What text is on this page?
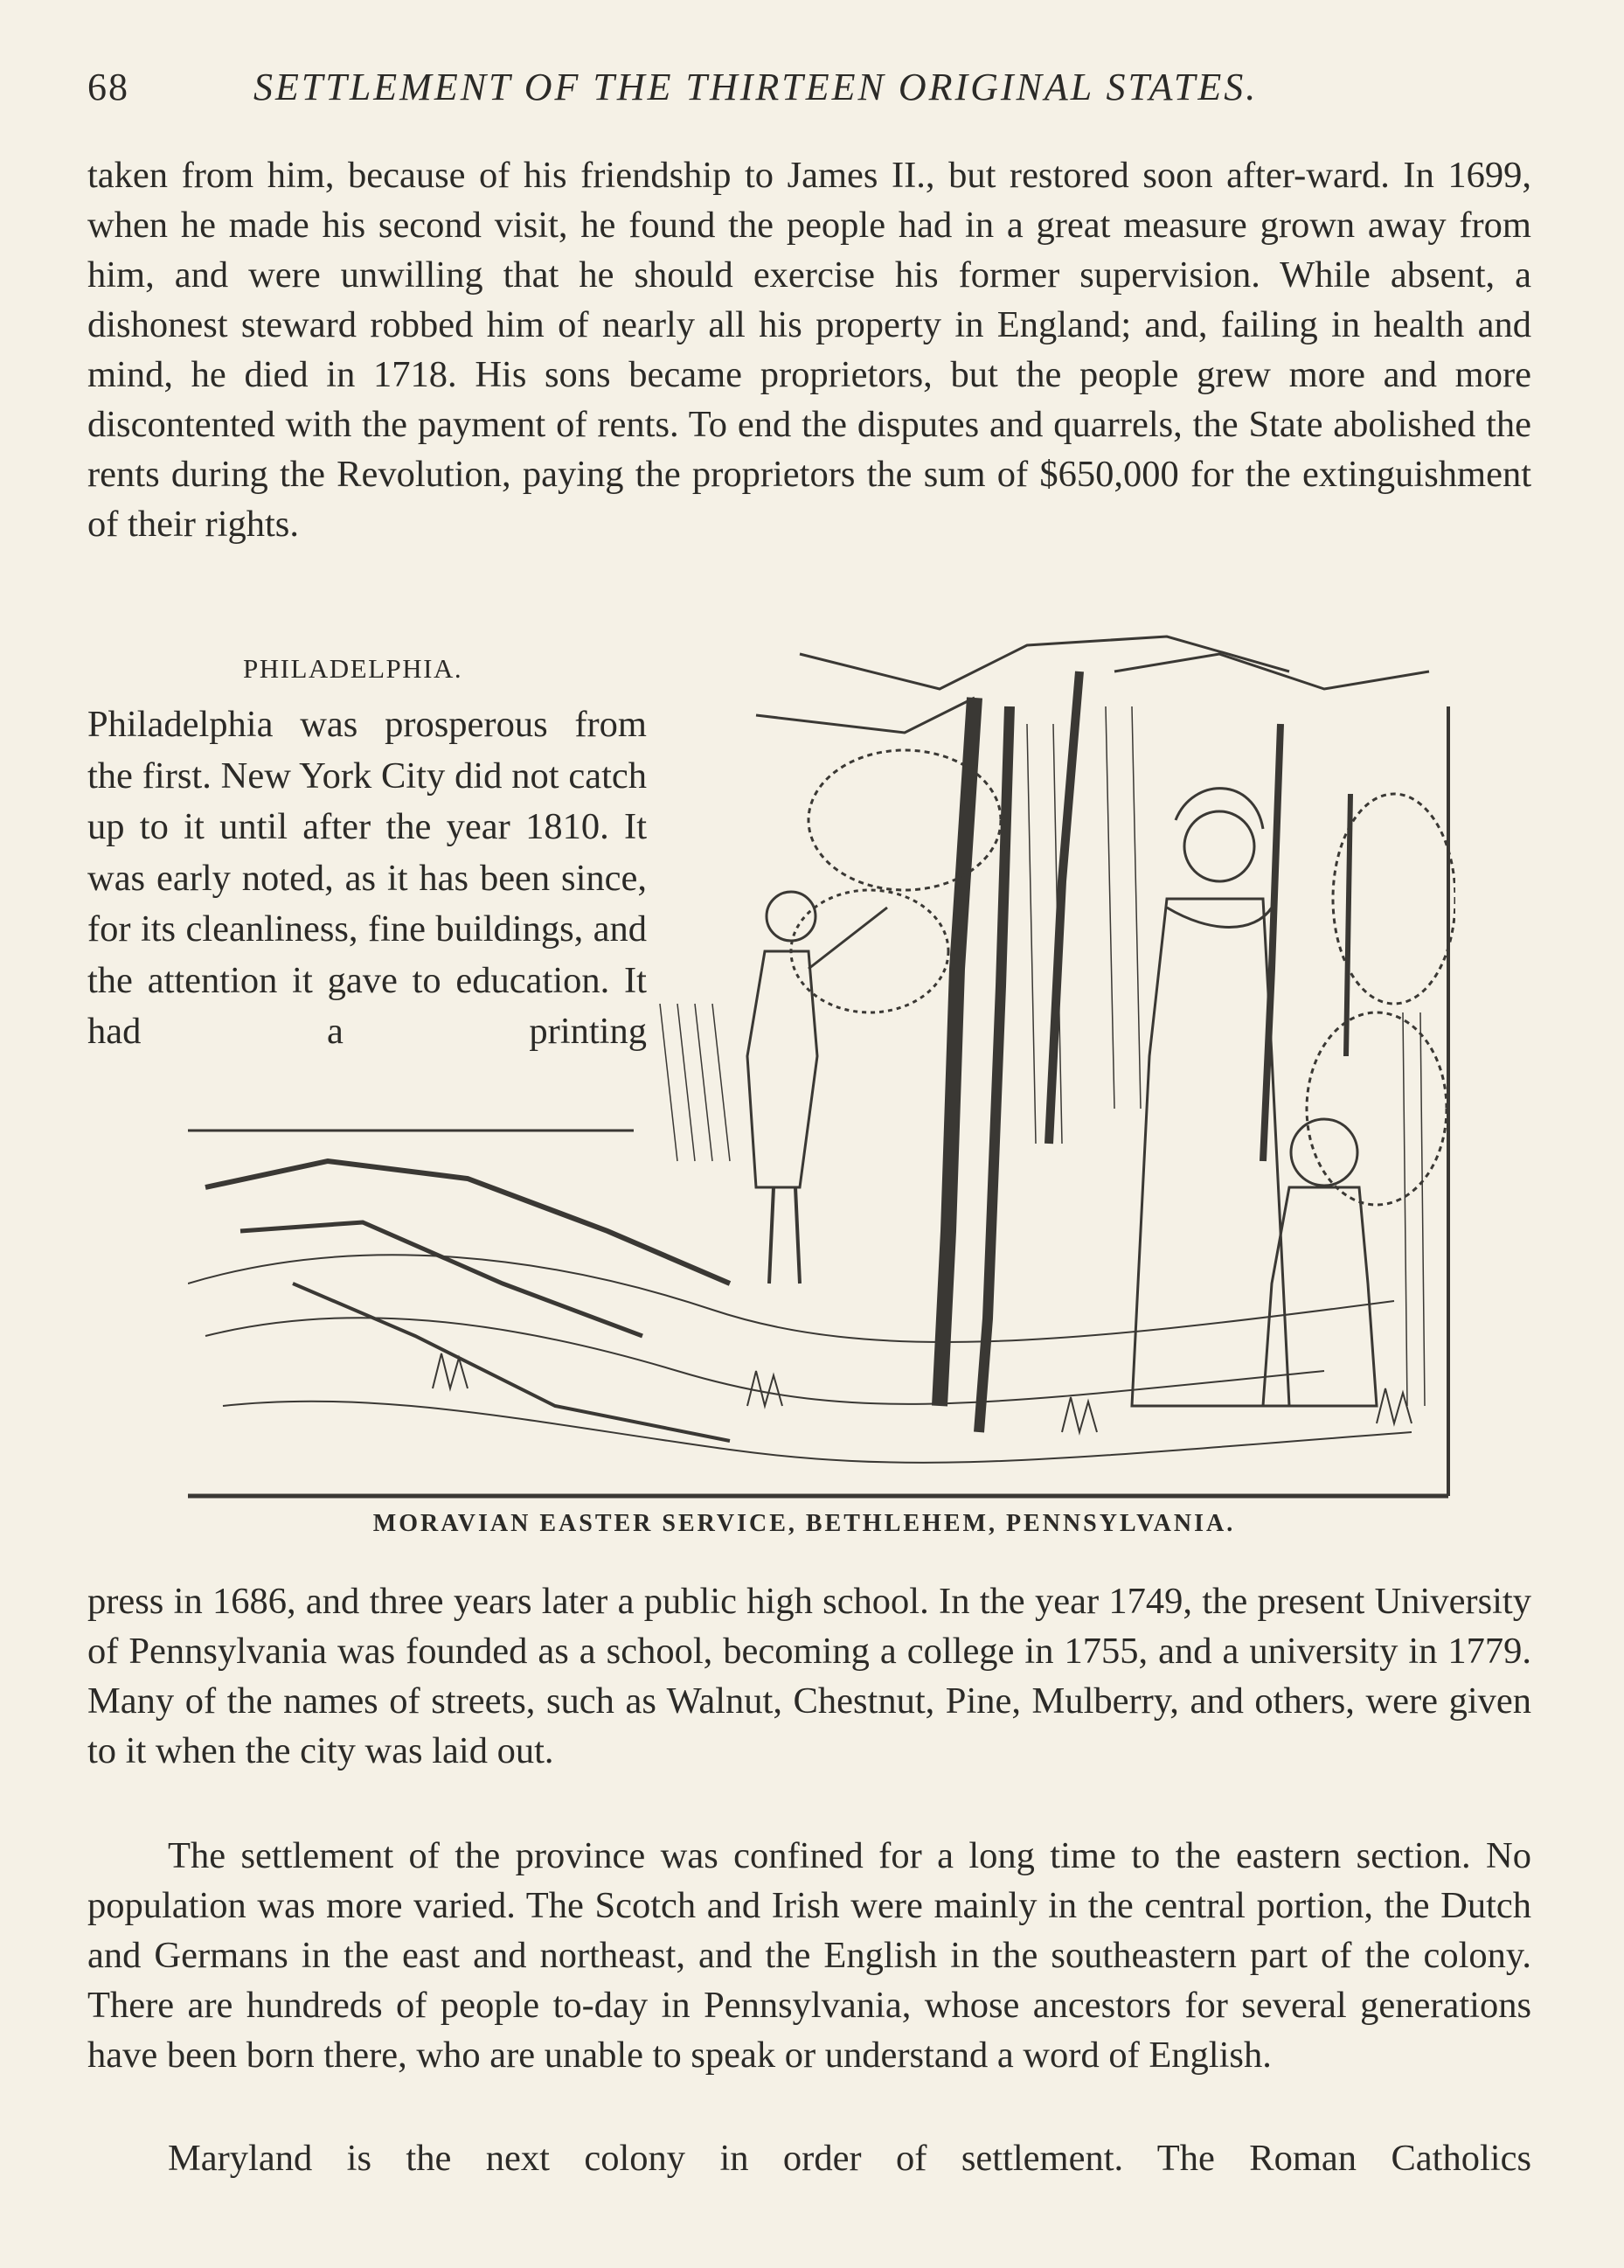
68	SETTLEMENT OF THE THIRTEEN ORIGINAL STATES.

taken from him, because of his friendship to James II., but restored soon after-ward. In 1699, when he made his second visit, he found the people had in a great measure grown away from him, and were unwilling that he should exercise his former supervision. While absent, a dishonest steward robbed him of nearly all his property in England; and, failing in health and mind, he died in 1718. His sons became proprietors, but the people grew more and more discontented with the payment of rents. To end the disputes and quarrels, the State abolished the rents during the Revolution, paying the proprietors the sum of $650,000 for the extinguishment of their rights.

PHILADELPHIA.

Philadelphia was prosperous from the first. New York City did not catch up to it until after the year 1810. It was early noted, as it has been since, for its cleanliness, fine buildings, and the attention it gave to education. It had a printing

MORAVIAN EASTER SERVICE, BETHLEHEM, PENNSYLVANIA.

press in 1686, and three years later a public high school. In the year 1749, the present University of Pennsylvania was founded as a school, becoming a college in 1755, and a university in 1779. Many of the names of streets, such as Walnut, Chestnut, Pine, Mulberry, and others, were given to it when the city was laid out.

The settlement of the province was confined for a long time to the eastern section. No population was more varied. The Scotch and Irish were mainly in the central portion, the Dutch and Germans in the east and northeast, and the English in the southeastern part of the colony. There are hundreds of people to-day in Pennsylvania, whose ancestors for several generations have been born there, who are unable to speak or understand a word of English.

Maryland is the next colony in order of settlement. The Roman Catholics
